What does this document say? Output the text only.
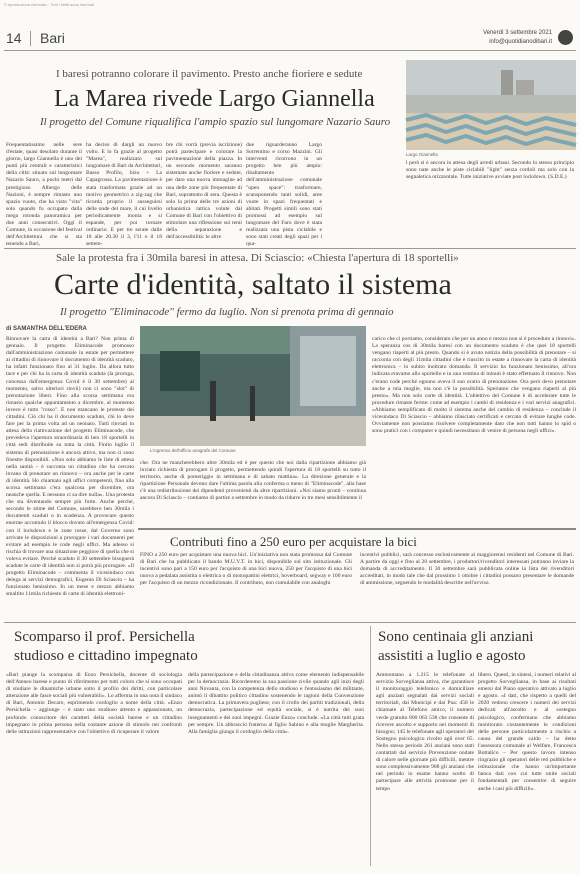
© riproduzione riservata - Tutti i diritti sono riservati
14 Bari	Venerdì 3 settembre 2021
info@quotidianodibari.it
I baresi potranno colorare il pavimento. Presto anche fioriere e sedute
La Marea rivede Largo Giannella
Il progetto del Comune riqualifica l'ampio spazio sul lungomare Nazario Sauro
Frequentatissimo nelle sere d'estate, quasi desolato durante il giorno, largo Giannella è uno dei punti più centrali e caratteristici della città: situato sul lungomare Nazario Sauro, a pochi metri dal prestigioso Albergo delle Nazioni, è sempre rimasto uno spazio vuoto, che ha visto "vita" solo quando fu occupato dalla mega rotonda panoramica per due anni consecutivi. Oggi il Comune, in occasione del festival dell'Architettura che si sta tenendo a Bari,
ha deciso di dargli un nuovo volto. E lo fa grazie al progetto "Marea", realizzato sul lungomare di Bari da Architetturi, Basso Profilo, bizo + La Capagrossa. La pavimentazione è stata trasformata grazie ad un motivo geometrico a zig-zag che ricorda proprio il susseguirsi delle onde del mare, il cui livello periodicamente monta e si espande, per poi tornare ordinario. E per tre serate dalle 18 alle 20.30 il 3, l'11 e il 18 settem-
bre chi vorrà (previa iscrizione) potrà partecipare e colorare la pavimentazione della piazza. In un secondo momento saranno sistemate anche fioriere e sedute, per dare una nuova immagine ad una delle zone più frequentate di Bari, soprattutto di sera. Questa è solo la prima delle tre azioni di urbanistica tattica volute dal Comune di Bari con l'obiettivo di stimolare una riflessione sui temi della separazione e dell'accessibilità: le altre
due riguarderanno Largo Sorrentino e corso Mazzini. Gli interventi ricorrono in un progetto ben più ampio: ribaltamento dell'amministrazione comunale "open space": trasformare, scansponendo tanti solidi, aree vuote in spazi frequentati e abitati. Progetti simili sono stati promossi ad esempio sul lungomare del Faro dove è stata realizzata una pista ciclabile e sono stati creati degli spazi per i qua-
Largo Giannella
l però si è ancora in attesa degli arredi urbani. Secondo lo stesso principio sono nate anche le piste ciclabili "light" senza cordoli ma solo con la segnaletica orizzontale. Tutte iniziative avviate post lockdown. (S.D.E.)
Sale la protesta fra i 30mila baresi in attesa. Di Sciascio: «Chiesta l'apertura di 18 sportelli»
Carte d'identità, saltato il sistema
Il progetto "Eliminacode" fermo da luglio. Non si prenota prima di gennaio
di SAMANTHA DELL'EDERA
Rinnovare la carta di identità a Bari? Non prima di gennaio. Il progetto Eliminacode promosso dall'amministrazione comunale in estate per permettere ai cittadini di rinnovare il documento di identità scaduto, ha infatti funzionato fino al 31 luglio. Da allora tutto tace e per chi ha la carta di identità scaduta (la proroga, concessa dall'emergenza Covid è il 30 settembre) al momento, salvo ulteriori rinvii) non ci sono "slot" di prenotazione liberi. Fino alla scorsa settimana era rimasto qualche appuntamento a dicembre, al momento invece è tutto "rosso". E non mancano le proteste dei cittadini. Ciò chi ha il documento scaduto, chi lo deve fare per la prima volta ad un neonato. Tutti rinviati in attesa della riattivazione del progetto Eliminacode, che prevedeva l'apertura straordinaria di ben 18 sportelli in città sedi distribuite su tutta la città. Finito luglio il sistema di prenotazione è ancora attivo, ma non ci sono finestre disponibili. «Non solo abbiamo le liste di attesa nella sanità – è racconta un cittadino che ha cercato invano di prenotare un rinnovo – ora anche per le carte di identità. Ho chiamato agli uffici competenti, fino alla scorsa settimana c'era qualcosa per dicembre, ora neanche quella. E nessuno ci sa dire nulla». Una protesta che sta diventando sempre più forte. Anche perché, secondo le stime del Comune, sarebbero ben 30mila i documenti scaduti o in scadenza. A provocare questo enorme accumulo il blocco dovuto all'emergenza Covid: con il lockdown e le zone rosse, dal Governo sono arrivate le disposizioni a prorogare i vari documenti per evitare ad esempio le code negli uffici. Ma adesso si rischia di trovare una situazione peggiore di quella che si voleva evitare. Perché scaduto il 30 settembre bisognerà scadute le carte di identità non si potrà più prorogare. «Il progetto Eliminacode – commenta il vicesindaco con delega ai servizi demografici, Eugenio Di Sciascio – ha funzionato benissimo. In un mese e mezzo abbiamo smaltito 11mila richieste di carte di identità elettroni-
L'ingresso dell'ufficio anagrafe del Comune
carico che ci portiamo, considerato che per un anno e mezzo non si è proceduto a rinnovi». La speranza cos di 30mila baresi con un documento scaduto è che quei 18 sportelli vengano riaperti al più presto. Quando si è avuto notizia della possibilità di prenotare – si racconta con degli 11mila cittadini che è riuscito in estate a rinnovare la carta di identità elettronica – lo subito inoltrato domanda. Il servizio ha funzionato benissimo, all'ora indicata eravamo allo sportello e in una ventina di minuti è stato effettuato il rinnovo. Non c'erano code perché ognuno aveva il suo orario di prenotazione. Ora però devo prenotare anche a mia moglie, ma non c'è la possibilità. Speriamo che vengano riaperti al più presto». Ma non solo carte di identità. L'obiettivo del Comune è di accelerare tutte le procedure rimaste ferme: come ad esempio i cambi di residenza e i vari servizi anagrafici. «Abbiamo semplificato di molto il sistema anche del cambio di residenza – conclude il vicesindaco Di Sciascio – abbiamo rilasciato certificati e cercato di evitare lunghe code. Ovviamente non possiamo risolvere completamente dato che non tutti hanno lo spid o sono pratici con i computer e quindi necessitano di venire di persona negli uffici».
Contributi fino a 250 euro per acquistare la bici
FINO a 250 euro per acquistare una nuova bici. Un'iniziativa non stata promossa dal Comune di Bari che ha pubblicato il bando M.U.V.T. in bici, disponibile sul sito istituzionale. Gli incentivi sono pari a 150 euro per l'acquisto di una bici nuova, 250 per l'acquisto di una bici nuova a pedalata assistita o elettrica o di monopattini elettrici, hoverboard, segway e 100 euro per l'acquisto di un mezzo ricondizionato. Il contributo, non cumulabile con analoghi
incentivi pubblici, sarà concesso esclusivamente ai maggiorenni residenti nel Comune di Bari. A partire da oggi e fino al 20 settembre, i produttori/rivenditori interessati potranno inviare la domanda di accreditamento. Il 30 settembre sarà pubblicata online la lista dei rivenditori accreditati, in modo tale che dal prossimo 1 ottobre i cittadini possano presentare le domande di ammissione, seguendo le modalità descritte nell'avviso.
che. Ora ne mancherebbero altre 30mila ed è per questo che noi dalla ripartizione abbiamo già inviato richiesta di prorogare il progetto, permettendo quindi l'apertura di 18 sportelli su tutto il territorio, anche di pomeriggio in settimana e di sabato mattina». La direzione generale e la ripartizione Personale devono dare l'ultima parola alla conferma o meno di "Eliminacode", alla base c'è una redistribuzione dei dipendenti provenienti da altre ripartizioni. «Noi siamo pronti – continua ancora Di Sciascio – contiamo di partire a settembre in modo da ridurre in tre mesi sensibilmente il
Scomparso il prof. Persichella
studioso e cittadino impegnato
«Bari piange la scomparsa di Enzo Persichella, docente di sociologia dell'Ateneo barese e punto di riferimento per tutti coloro che si sono occupati di studiare le dinamiche urbane sotto il profilo dei diritti, con particolare attenzione alle fasce sociali più vulnerabili». Lo afferma in una nota il sindaco di Bari, Antonio Decaro, esprimendo cordoglio a nome della città. «Enzo Persichella – aggiunge – è stato uno studioso attento e appassionato, un profondo conoscitore dei caratteri della società barese e un cittadino impegnato in prima persona nella costante azione di stimolo nei confronti delle istituzioni rappresentative con l'obiettivo di ricuperare il valore
della partecipazione e della cittadinanza attiva come elemento indispensabile per la democrazia. Ricorderemo la sua passione civile quando agli inizi degli anni Novanta, con la competenza dello studioso e l'entusiasmo del militante, animò il dibattito politico cittadino sostenendo le ragioni della Convenzione democratica. La primavera pugliese, con il crollo dei partiti tradizionali, della democrazia, partecipazione ed equità sociale, si è nutrita dei suoi insegnamenti e dei suoi impegni. Grazie Enzo» conclude. «La città tutti grata per sempre. Un abbraccio fraterno al figlio Sabino e alla moglie Margherita. Alla famiglia giunga il cordoglio della città».
Sono centinaia gli anziani
assistiti a luglio e agosto
Ammontano a 1.215 le telefonate al servizio Sorvegliansa attiva, che garantisce il monitoraggio telefonico e domiciliare agli anziani segnalati dai servizi sociali territoriali, dai Municipi e dai Pua: 458 le chiamate al Telefono amico, il numero verde gratuito 800 063 538 che consente di ricevere ascolto e supporto nei momenti di bisogno; 145 le telefonate agli operatori del Sostegno psicologico rivolto agli over 65. Nello stesso periodo 261 anziani sono stati contattati dal servizio Prevenzione ondate di calore nelle giornate più difficili, mentre sono complessivamente 988 gli anziani che nel periodo in esame hanno scelto di partecipare alle attività promosse per il tempo
libero. Questi, in sintesi, i numeri relativi al progetto Sorvegliansa, in base ai risultati emersi dal Piano operativo attivato a luglio e agosto. «I dati, che rispetto a quelli del 2020 vedono crescere i numeri dei servizi dedicati all'ascolto e al sostegno psicologico, confermano che abbiamo monitorato costantemente le condizioni delle persone particolarmente a rischio a causa del grande caldo – ha detto l'assessora comunale al Welfare, Francesca Bottalico – Per questo lavoro intenso ringrazio gli operatori delle reti pubbliche e istituzionale che hanno un'importante banca dati con cui tutte unite sociali fondamentali per consentire di seguire anche i casi più difficili».
